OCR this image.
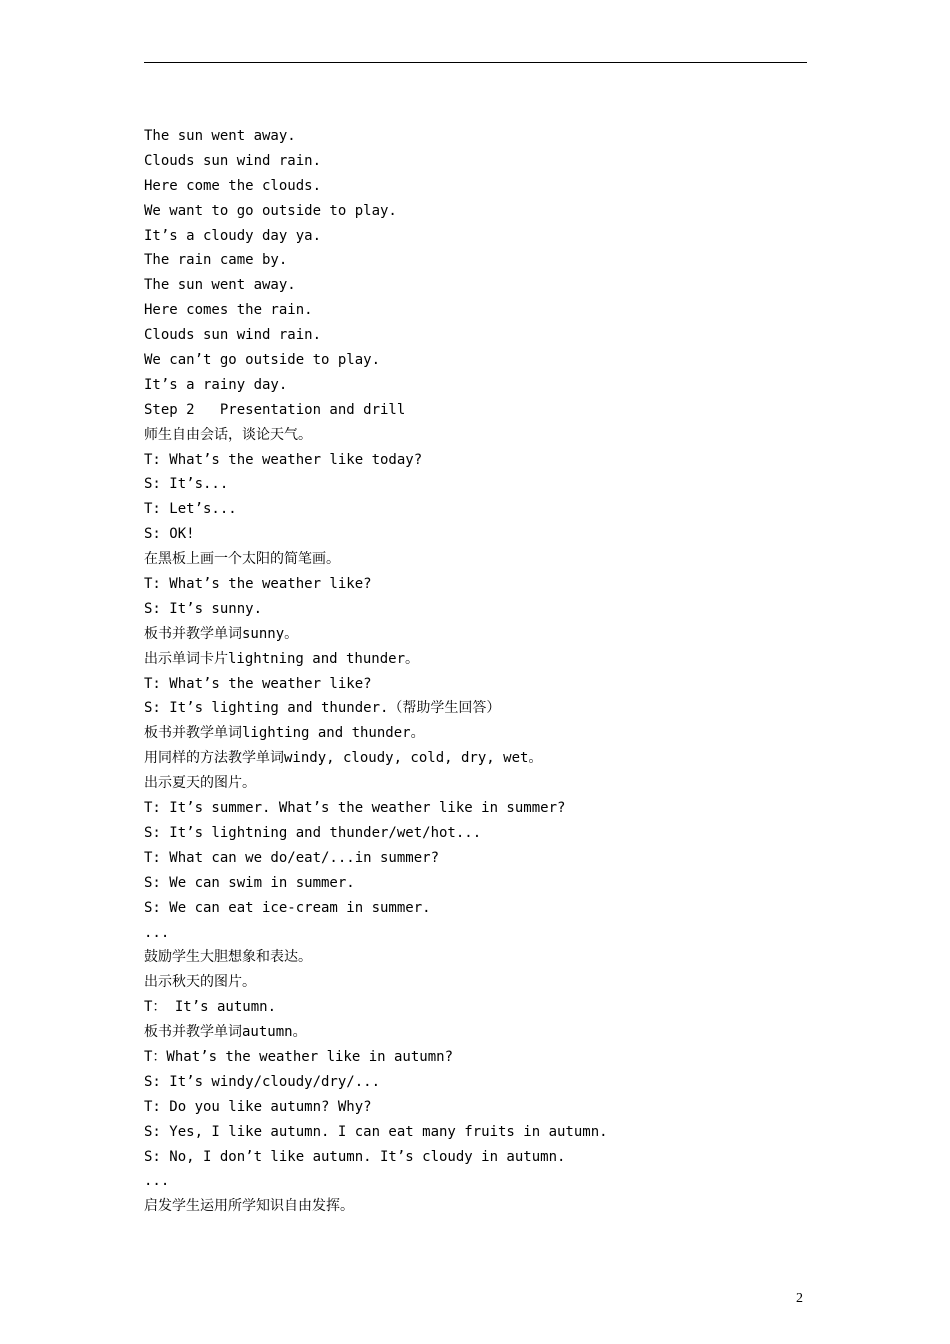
The sun went away.
Clouds sun wind rain.
Here come the clouds.
We want to go outside to play.
It’s a cloudy day ya.
The rain came by.
The sun went away.
Here comes the rain.
Clouds sun wind rain.
We can’t go outside to play.
It’s a rainy day.
Step 2   Presentation and drill
师生自由会话，谈论天气。
T: What’s the weather like today?
S: It’s...
T: Let’s...
S: OK!
在黑板上画一个太阳的简笔画。
T: What’s the weather like?
S: It’s sunny.
板书并教学单词sunny。
出示单词卡片lightning and thunder。
T: What’s the weather like?
S: It’s lighting and thunder.（帮助学生回答）
板书并教学单词lighting and thunder。
用同样的方法教学单词windy, cloudy, cold, dry, wet。
出示夏天的图片。
T: It’s summer. What’s the weather like in summer?
S: It’s lightning and thunder/wet/hot...
T: What can we do/eat/...in summer?
S: We can swim in summer.
S: We can eat ice-cream in summer.
...
鼓励学生大胆想象和表达。
出示秋天的图片。
T： It’s autumn.
板书并教学单词autumn。
T：What’s the weather like in autumn?
S: It’s windy/cloudy/dry/...
T: Do you like autumn? Why?
S: Yes, I like autumn. I can eat many fruits in autumn.
S: No, I don’t like autumn. It’s cloudy in autumn.
...
启发学生运用所学知识自由发挥。
2
